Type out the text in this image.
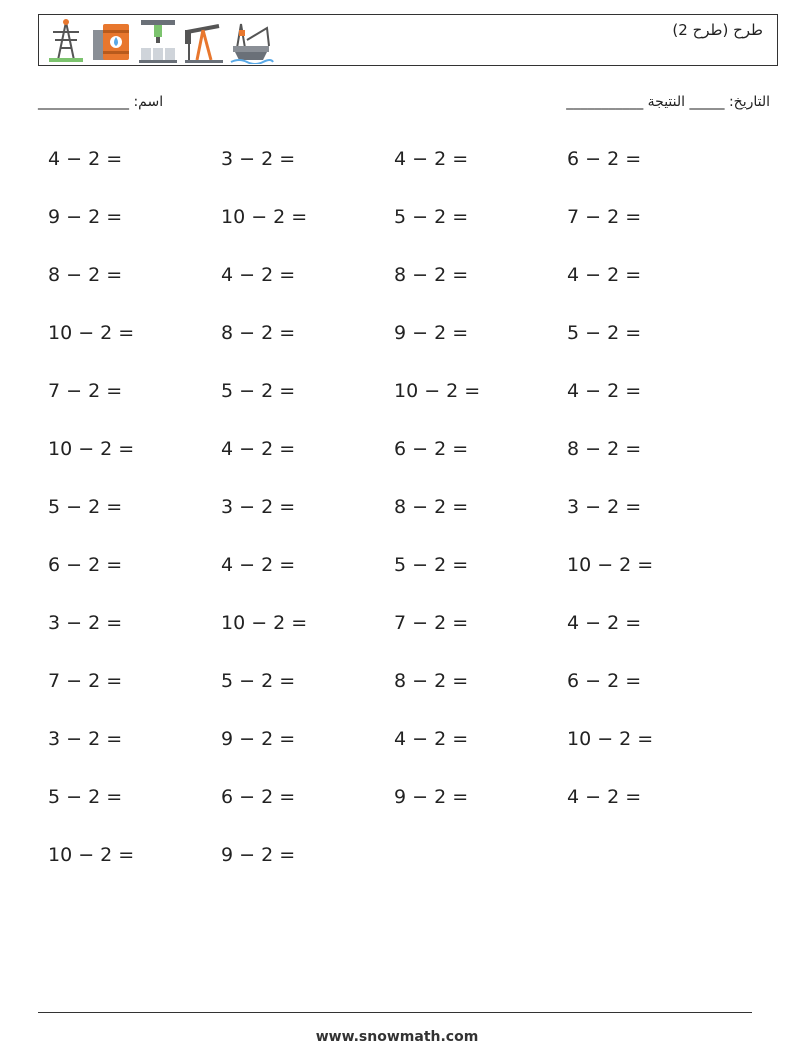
طرح (طرح 2)
اسم: _____________	التاريخ: _____ النتيجة ___________
4 − 2 =	3 − 2 =	4 − 2 =	6 − 2 =
9 − 2 =	10 − 2 =	5 − 2 =	7 − 2 =
8 − 2 =	4 − 2 =	8 − 2 =	4 − 2 =
10 − 2 =	8 − 2 =	9 − 2 =	5 − 2 =
7 − 2 =	5 − 2 =	10 − 2 =	4 − 2 =
10 − 2 =	4 − 2 =	6 − 2 =	8 − 2 =
5 − 2 =	3 − 2 =	8 − 2 =	3 − 2 =
6 − 2 =	4 − 2 =	5 − 2 =	10 − 2 =
3 − 2 =	10 − 2 =	7 − 2 =	4 − 2 =
7 − 2 =	5 − 2 =	8 − 2 =	6 − 2 =
3 − 2 =	9 − 2 =	4 − 2 =	10 − 2 =
5 − 2 =	6 − 2 =	9 − 2 =	4 − 2 =
10 − 2 =	9 − 2 =
www.snowmath.com
